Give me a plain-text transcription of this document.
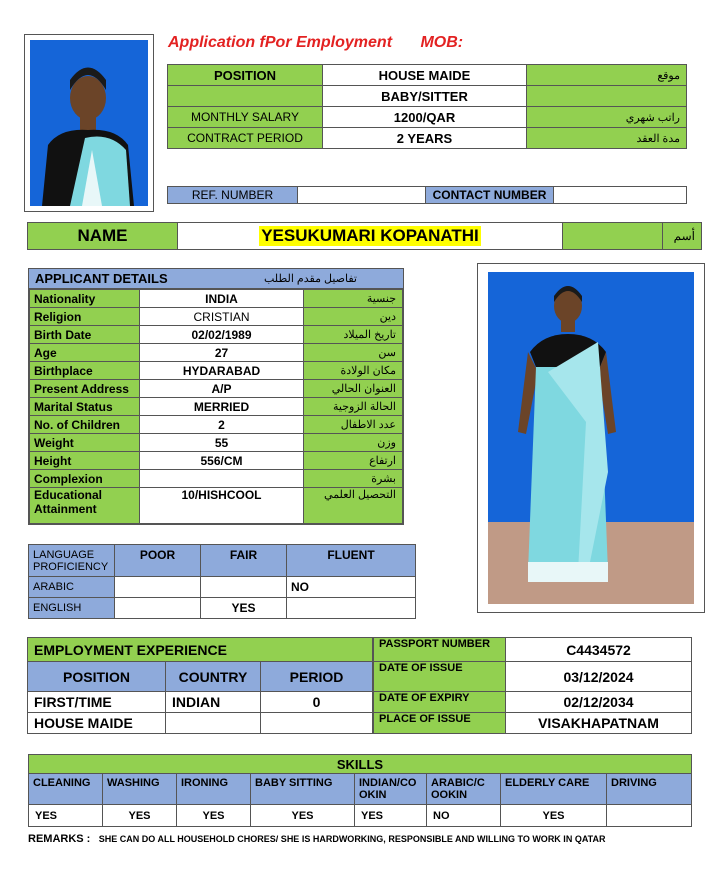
Application fPor Employment MOB:
POSITION	HOUSE MAIDE	موقع
	BABY/SITTER	
MONTHLY SALARY	1200/QAR	راتب شهري
CONTRACT PERIOD	2 YEARS	مدة العقد
REF. NUMBER		CONTACT NUMBER	
NAME	YESUKUMARI KOPANATHI	أسم
APPLICANT DETAILS	تفاصيل مقدم الطلب
Nationality	INDIA	جنسية
Religion	CRISTIAN	دين
Birth Date	02/02/1989	تاريخ الميلاد
Age	27	سن
Birthplace	HYDARABAD	مكان الولادة
Present Address	A/P	العنوان الحالي
Marital Status	MERRIED	الحالة الزوجية
No. of Children	2	عدد الاطفال
Weight	55	وزن
Height	556/CM	ارتفاع
Complexion		بشرة
Educational Attainment	10/HISHCOOL	التحصيل العلمي
LANGUAGE PROFICIENCY	POOR	FAIR	FLUENT
ARABIC			NO
ENGLISH		YES	
EMPLOYMENT EXPERIENCE		
POSITION	COUNTRY	PERIOD
FIRST/TIME	INDIAN	0
HOUSE MAIDE		
PASSPORT NUMBER	C4434572
DATE OF ISSUE	03/12/2024
DATE OF EXPIRY	02/12/2034
PLACE OF ISSUE	VISAKHAPATNAM
SKILLS							
CLEANING	WASHING	IRONING	BABY SITTING	INDIAN/CO OKIN	ARABIC/C OOKIN	ELDERLY CARE	DRIVING
YES	YES	YES	YES	YES	NO	YES	
REMARKS : SHE CAN DO ALL HOUSEHOLD CHORES/ SHE IS HARDWORKING, RESPONSIBLE AND WILLING TO WORK IN QATAR
